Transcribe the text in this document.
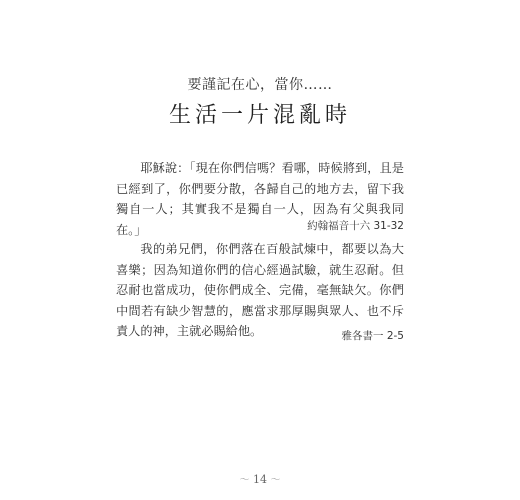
要謹記在心，當你……
生活一片混亂時

耶穌說：「現在你們信嗎？看哪，時候將到，且是已經到了，你們要分散，各歸自己的地方去，留下我獨自一人；其實我不是獨自一人，因為有父與我同在。」	約翰福音十六 31-32

我的弟兄們，你們落在百般試煉中，都要以為大喜樂；因為知道你們的信心經過試驗，就生忍耐。但忍耐也當成功，使你們成全、完備，毫無缺欠。你們中間若有缺少智慧的，應當求那厚賜與眾人、也不斥責人的神，主就必賜給他。	雅各書一 2-5
〜 14 〜
